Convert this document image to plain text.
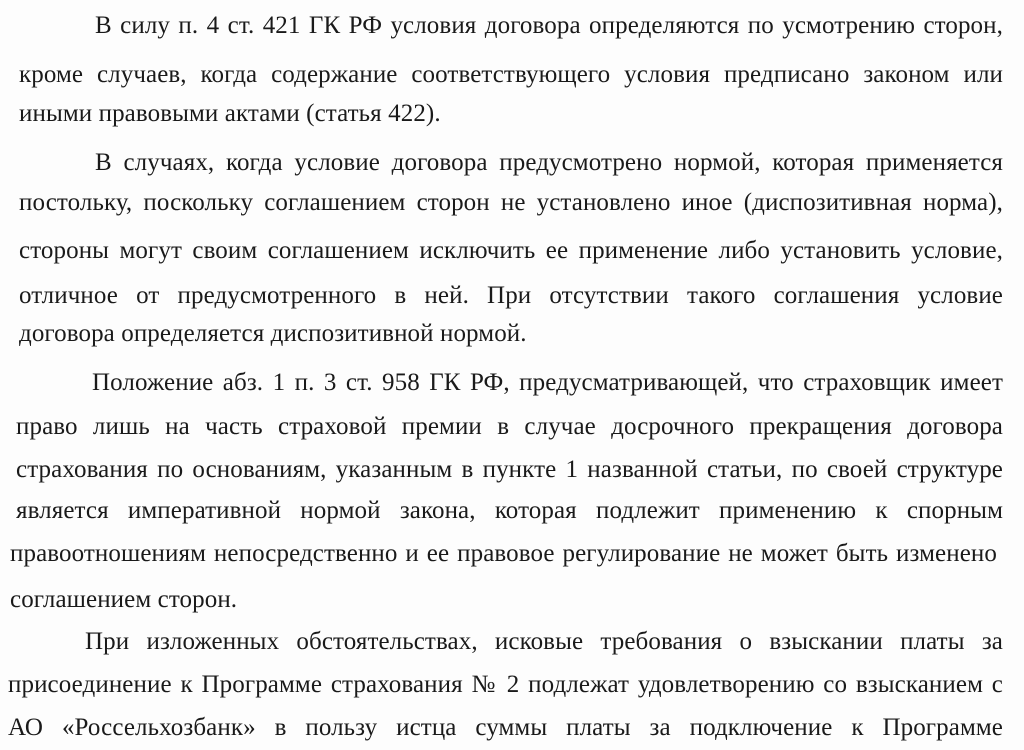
В силу п. 4 ст. 421 ГК РФ условия договора определяются по усмотрению сторон,
кроме случаев, когда содержание соответствующего условия предписано законом или
иными правовыми актами (статья 422).
В случаях, когда условие договора предусмотрено нормой, которая применяется
постольку, поскольку соглашением сторон не установлено иное (диспозитивная норма),
стороны могут своим соглашением исключить ее применение либо установить условие,
отличное от предусмотренного в ней. При отсутствии такого соглашения условие
договора определяется диспозитивной нормой.
Положение абз. 1 п. 3 ст. 958 ГК РФ, предусматривающей, что страховщик имеет
право лишь на часть страховой премии в случае досрочного прекращения договора
страхования по основаниям, указанным в пункте 1 названной статьи, по своей структуре
является императивной нормой закона, которая подлежит применению к спорным
правоотношениям непосредственно и ее правовое регулирование не может быть изменено
соглашением сторон.
При изложенных обстоятельствах, исковые требования о взыскании платы за
присоединение к Программе страхования № 2 подлежат удовлетворению со взысканием с
АО «Россельхозбанк» в пользу истца суммы платы за подключение к Программе
